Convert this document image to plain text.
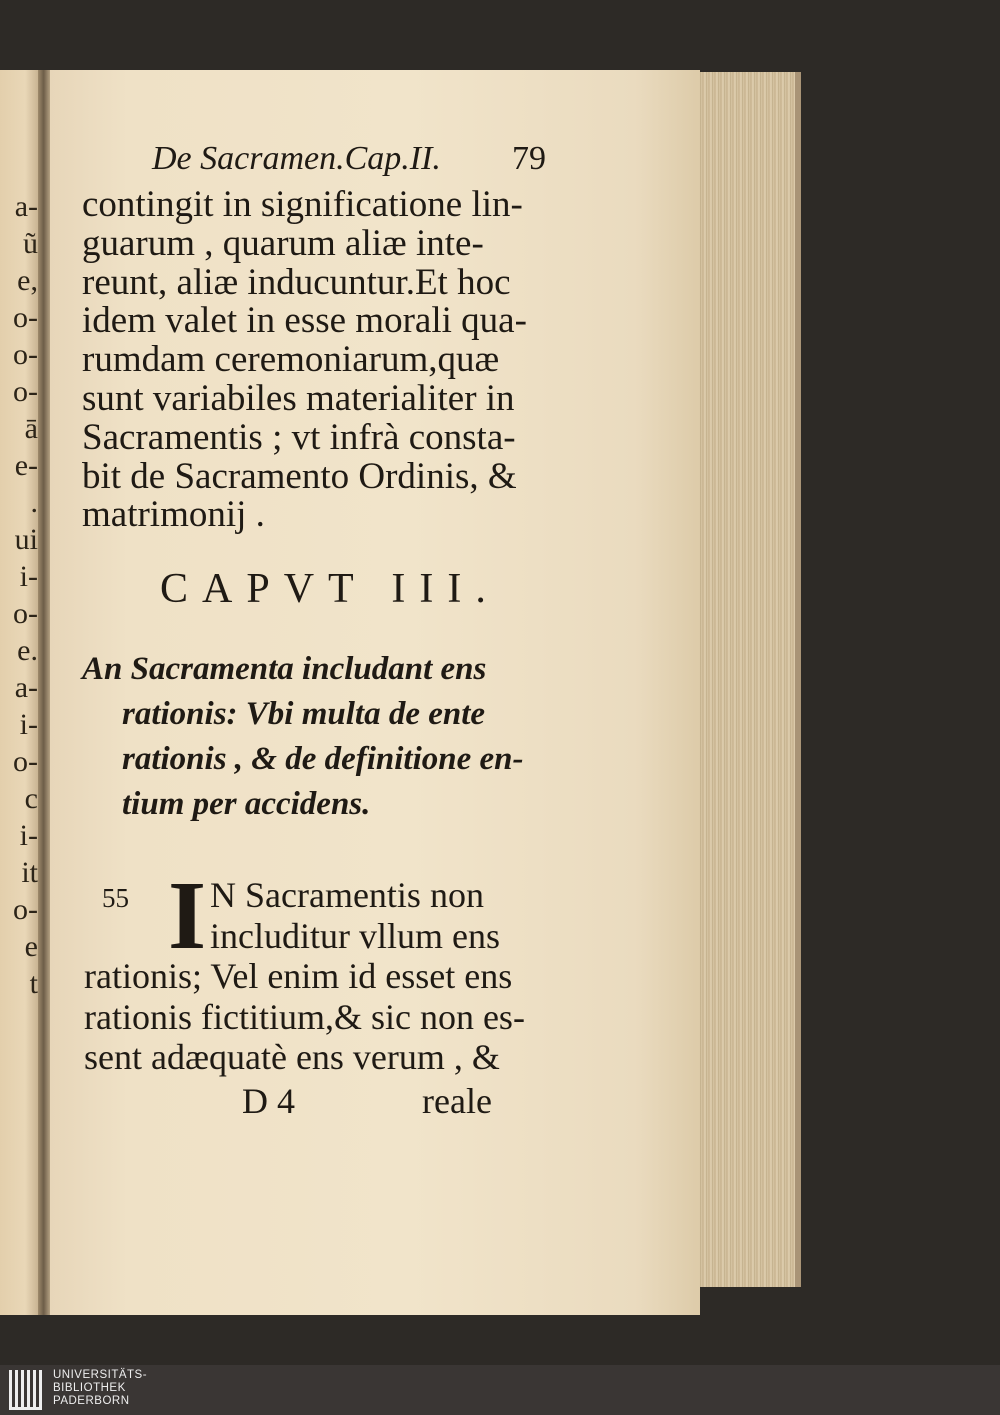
a-
ũ
e,
o-
o-
o-
ā
e-
.
ui
i-
o-
e.
a-
i-
o-
c
i-
it
o-
e
t
De Sacramen.Cap.II. 79
contingit in significatione lin-
guarum , quarum aliæ inte-
reunt, aliæ inducuntur.Et hoc
idem valet in esse morali qua-
rumdam ceremoniarum,quæ
sunt variabiles materialiter in
Sacramentis ; vt infrà consta-
bit de Sacramento Ordinis, &
matrimonij .
CAPVT III.
An Sacramenta includant ens
rationis: Vbi multa de ente
rationis , & de definitione en-
tium per accidens.
55 I N Sacramentis non
includitur vllum ens
rationis; Vel enim id esset ens
rationis fictitium,& sic non es-
sent adæquatè ens verum , &
D 4	reale
UNIVERSITÄTS-
BIBLIOTHEK
PADERBORN
